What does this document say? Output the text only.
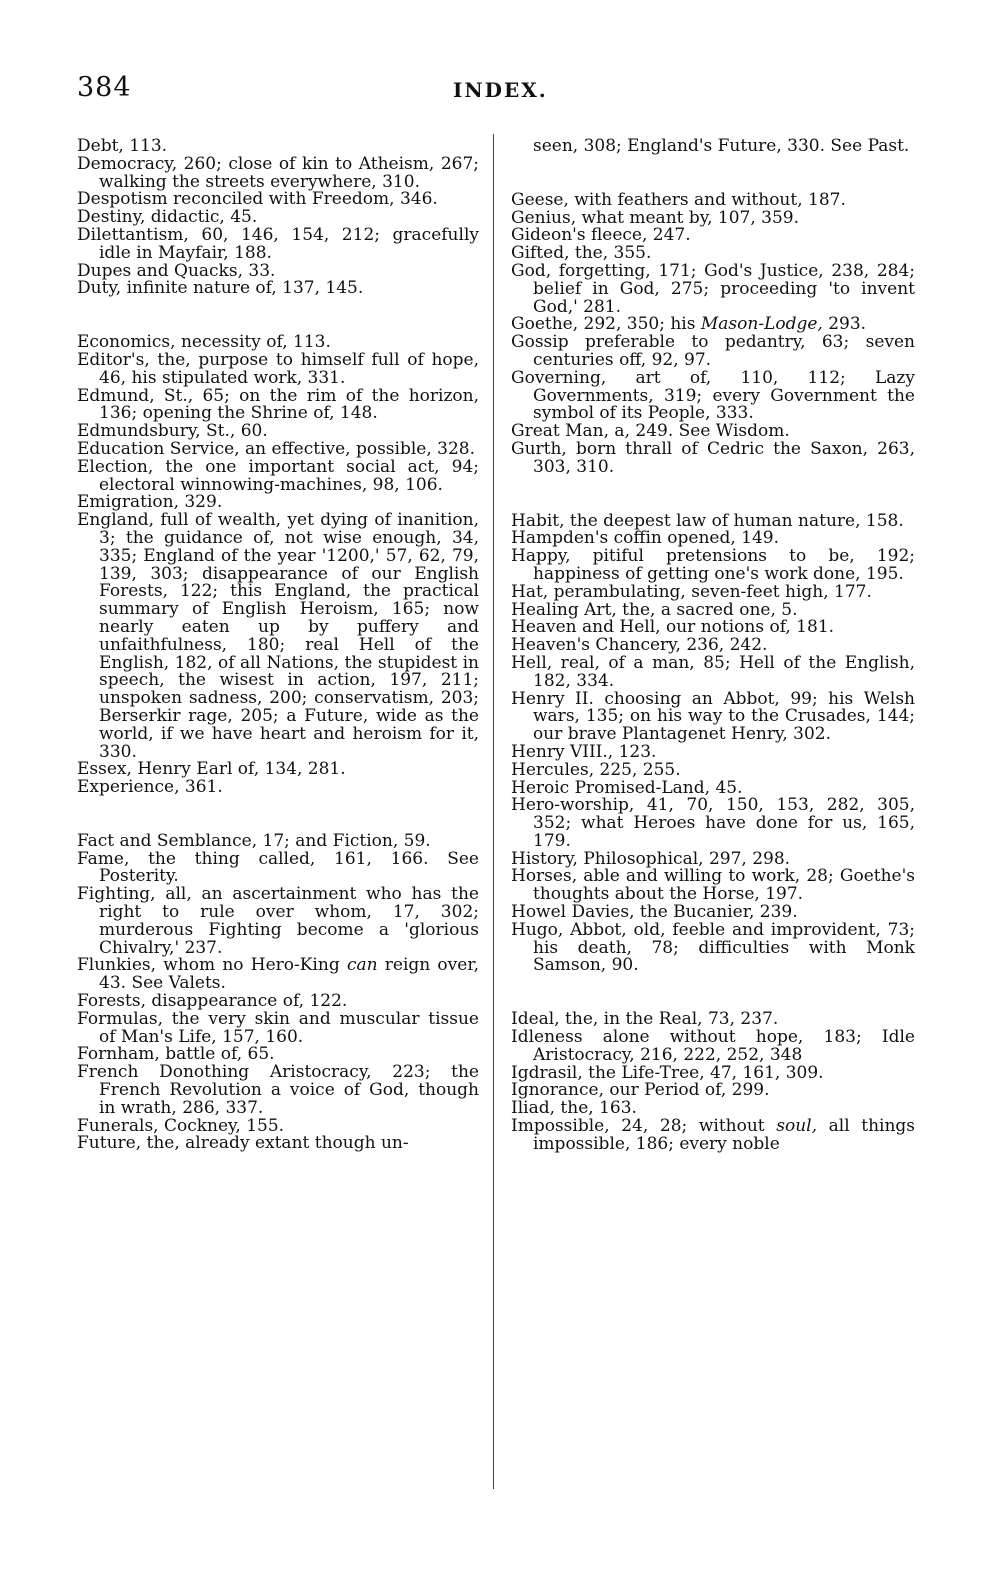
384	INDEX.

Debt, 113.

Democracy, 260; close of kin to Atheism, 267; walking the streets everywhere, 310.

Despotism reconciled with Freedom, 346.

Destiny, didactic, 45.

Dilettantism, 60, 146, 154, 212; gracefully idle in Mayfair, 188.

Dupes and Quacks, 33.

Duty, infinite nature of, 137, 145.

Economics, necessity of, 113.

Editor's, the, purpose to himself full of hope, 46, his stipulated work, 331.

Edmund, St., 65; on the rim of the horizon, 136; opening the Shrine of, 148.

Edmundsbury, St., 60.

Education Service, an effective, possible, 328.

Election, the one important social act, 94; electoral winnowing-machines, 98, 106.

Emigration, 329.

England, full of wealth, yet dying of inanition, 3; the guidance of, not wise enough, 34, 335; England of the year '1200,' 57, 62, 79, 139, 303; disappearance of our English Forests, 122; this England, the practical summary of English Heroism, 165; now nearly eaten up by puffery and unfaithfulness, 180; real Hell of the English, 182, of all Nations, the stupidest in speech, the wisest in action, 197, 211; unspoken sadness, 200; conservatism, 203; Berserkir rage, 205; a Future, wide as the world, if we have heart and heroism for it, 330.

Essex, Henry Earl of, 134, 281.

Experience, 361.

Fact and Semblance, 17; and Fiction, 59.

Fame, the thing called, 161, 166. See Posterity.

Fighting, all, an ascertainment who has the right to rule over whom, 17, 302; murderous Fighting become a 'glorious Chivalry,' 237.

Flunkies, whom no Hero-King can reign over, 43. See Valets.

Forests, disappearance of, 122.

Formulas, the very skin and muscular tissue of Man's Life, 157, 160.

Fornham, battle of, 65.

French Donothing Aristocracy, 223; the French Revolution a voice of God, though in wrath, 286, 337.

Funerals, Cockney, 155.

Future, the, already extant though un-

seen, 308; England's Future, 330. See Past.

Geese, with feathers and without, 187.

Genius, what meant by, 107, 359.

Gideon's fleece, 247.

Gifted, the, 355.

God, forgetting, 171; God's Justice, 238, 284; belief in God, 275; proceeding 'to invent God,' 281.

Goethe, 292, 350; his Mason-Lodge, 293.

Gossip preferable to pedantry, 63; seven centuries off, 92, 97.

Governing, art of, 110, 112; Lazy Governments, 319; every Government the symbol of its People, 333.

Great Man, a, 249. See Wisdom.

Gurth, born thrall of Cedric the Saxon, 263, 303, 310.

Habit, the deepest law of human nature, 158.

Hampden's coffin opened, 149.

Happy, pitiful pretensions to be, 192; happiness of getting one's work done, 195.

Hat, perambulating, seven-feet high, 177.

Healing Art, the, a sacred one, 5.

Heaven and Hell, our notions of, 181.

Heaven's Chancery, 236, 242.

Hell, real, of a man, 85; Hell of the English, 182, 334.

Henry II. choosing an Abbot, 99; his Welsh wars, 135; on his way to the Crusades, 144; our brave Plantagenet Henry, 302.

Henry VIII., 123.

Hercules, 225, 255.

Heroic Promised-Land, 45.

Hero-worship, 41, 70, 150, 153, 282, 305, 352; what Heroes have done for us, 165, 179.

History, Philosophical, 297, 298.

Horses, able and willing to work, 28; Goethe's thoughts about the Horse, 197.

Howel Davies, the Bucanier, 239.

Hugo, Abbot, old, feeble and improvident, 73; his death, 78; difficulties with Monk Samson, 90.

Ideal, the, in the Real, 73, 237.

Idleness alone without hope, 183; Idle Aristocracy, 216, 222, 252, 348

Igdrasil, the Life-Tree, 47, 161, 309.

Ignorance, our Period of, 299.

Iliad, the, 163.

Impossible, 24, 28; without soul, all things impossible, 186; every noble
